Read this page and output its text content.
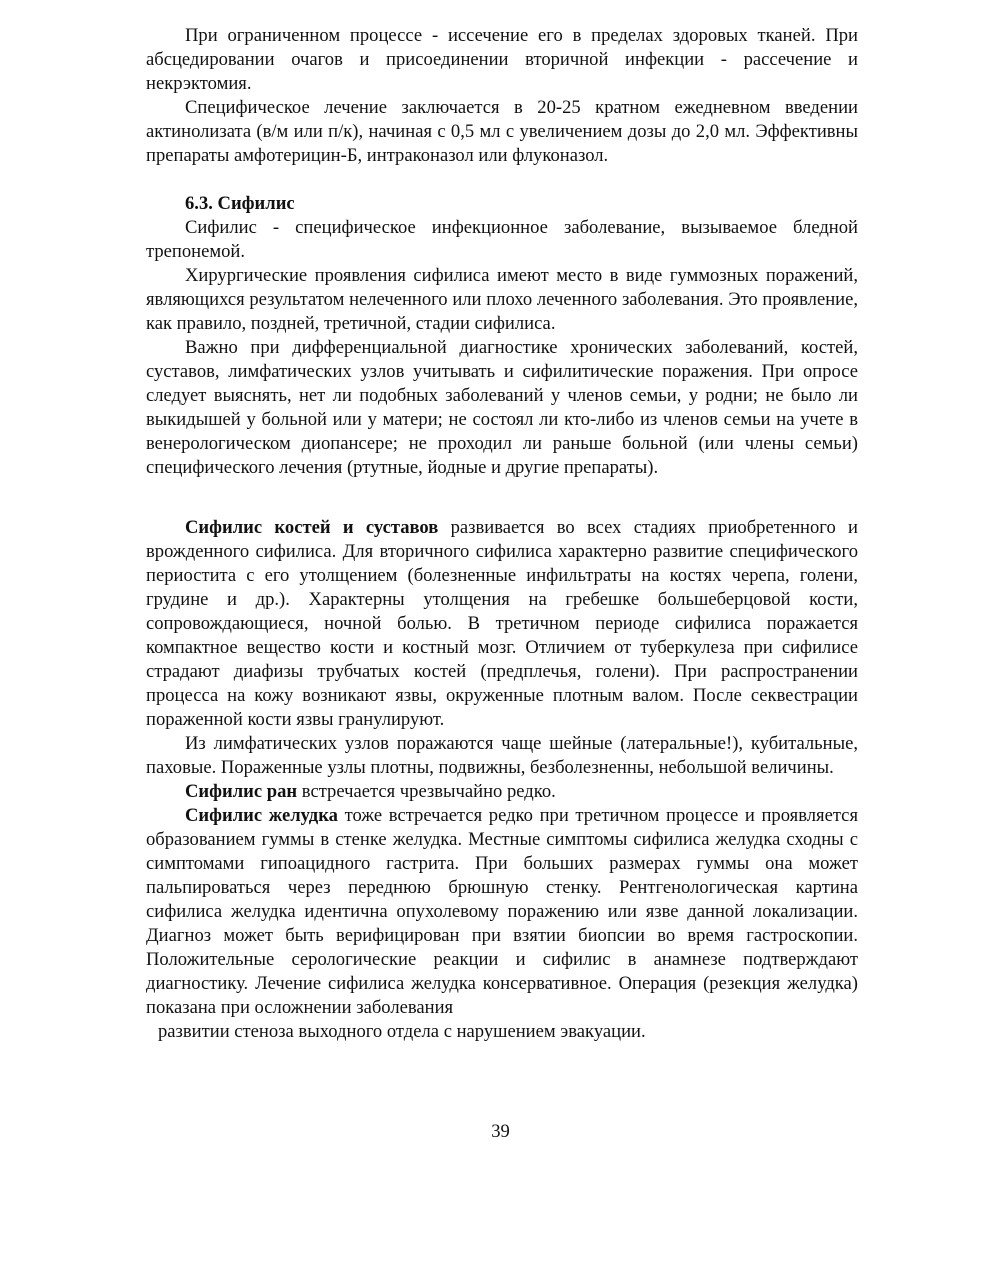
При ограниченном процессе - иссечение его в пределах здоровых тканей. При абсцедировании очагов и присоединении вторичной инфекции - рассечение и некрэктомия.

Специфическое лечение заключается в 20-25 кратном ежедневном введении актинолизата (в/м или п/к), начиная с 0,5 мл с увеличением дозы до 2,0 мл. Эффективны препараты амфотерицин-Б, интраконазол или флуконазол.

6.3. Сифилис

Сифилис - специфическое инфекционное заболевание, вызываемое бледной трепонемой.

Хирургические проявления сифилиса имеют место в виде гуммозных поражений, являющихся результатом нелеченного или плохо леченного заболевания. Это проявление, как правило, поздней, третичной, стадии сифилиса.

Важно при дифференциальной диагностике хронических заболеваний, костей, суставов, лимфатических узлов учитывать и сифилитические поражения. При опросе следует выяснять, нет ли подобных заболеваний у членов семьи, у родни; не было ли выкидышей у больной или у матери; не состоял ли кто-либо из членов семьи на учете в венерологическом диопансере; не проходил ли раньше больной (или члены семьи) специфического лечения (ртутные, йодные и другие препараты).

Сифилис костей и суставов развивается во всех стадиях приобретенного и врожденного сифилиса. Для вторичного сифилиса характерно развитие специфического периостита с его утолщением (болезненные инфильтраты на костях черепа, голени, грудине и др.). Характерны утолщения на гребешке большеберцовой кости, сопровождающиеся, ночной болью. В третичном периоде сифилиса поражается компактное вещество кости и костный мозг. Отличием от туберкулеза при сифилисе страдают диафизы трубчатых костей (предплечья, голени). При распространении процесса на кожу возникают язвы, окруженные плотным валом. После секвестрации пораженной кости язвы гранулируют.

Из лимфатических узлов поражаются чаще шейные (латеральные!), кубитальные, паховые. Пораженные узлы плотны, подвижны, безболезненны, небольшой величины.

Сифилис ран встречается чрезвычайно редко.

Сифилис желудка тоже встречается редко при третичном процессе и проявляется образованием гуммы в стенке желудка. Местные симптомы сифилиса желудка сходны с симптомами гипоацидного гастрита. При больших размерах гуммы она может пальпироваться через переднюю брюшную стенку. Рентгенологическая картина сифилиса желудка идентична опухолевому поражению или язве данной локализации. Диагноз может быть верифицирован при взятии биопсии во время гастроскопии. Положительные серологические реакции и сифилис в анамнезе подтверждают диагностику. Лечение сифилиса желудка консервативное. Операция (резекция желудка) показана при осложнении заболевания

развитии стеноза выходного отдела с нарушением эвакуации.
39
